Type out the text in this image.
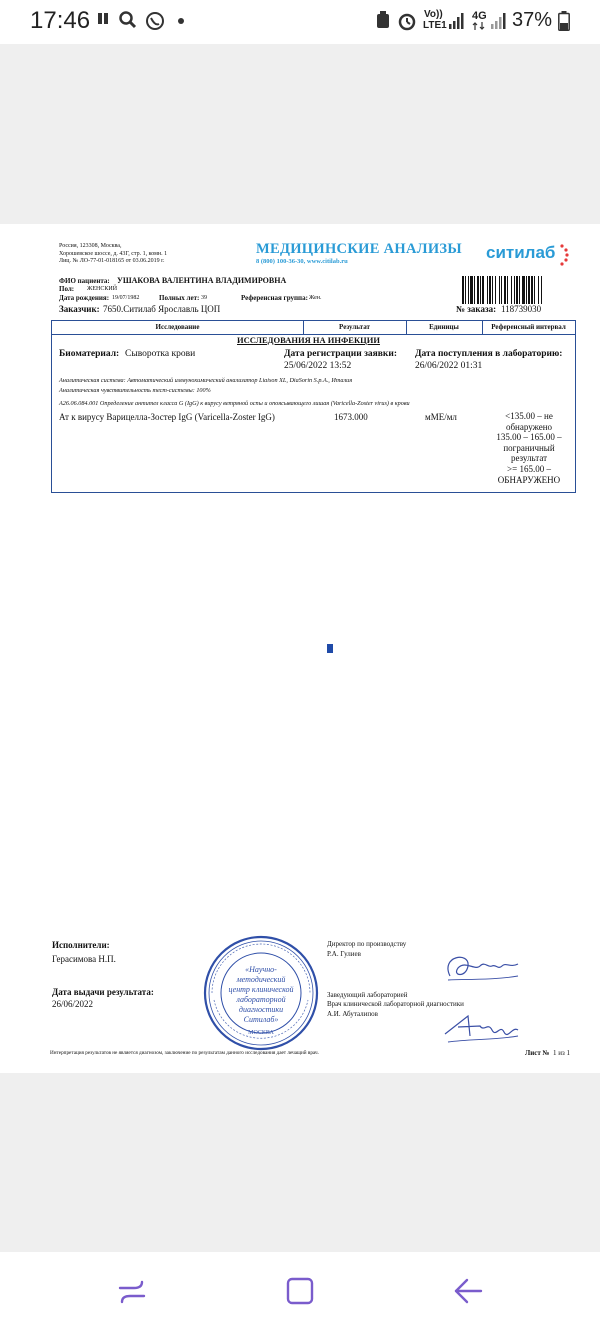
17:46	Vo))
LTE1
4G 37%
Россия, 123308, Москва,
Хорошевское шоссе, д. 43Г, стр. 1, комн. 1
Лиц. № ЛО-77-01-018165 от 03.06.2019 г.
МЕДИЦИНСКИЕ АНАЛИЗЫ
8 (800) 100-36-30, www.citilab.ru	ситилаб
ФИО пациента: УШАКОВА ВАЛЕНТИНА ВЛАДИМИРОВНА
Пол: ЖЕНСКИЙ
Дата рождения: 19/07/1982	Полных лет: 39	Референсная группа: Жен.
Заказчик: 7650.Ситилаб Ярославль ЦОП	№ заказа: 118739030
Исследование	Результат	Единицы	Референсный интервал
ИССЛЕДОВАНИЯ НА ИНФЕКЦИИ
Биоматериал: Сыворотка крови	Дата регистрации заявки:
25/06/2022 13:52
Дата поступления в лабораторию:
26/06/2022 01:31
Аналитическая система: Автоматический иммунохимический анализатор Liaison XL, DiaSorin S.p.A., Италия
Аналитическая чувствительность тест-системы: 100%
A26.06.084.001 Определение антител класса G (IgG) к вирусу ветряной оспы и опоясывающего лишая (Varicella-Zoster virus) в крови
Ат к вирусу Варицелла-Зостер IgG (Varicella-Zoster IgG)	1673.000	мМЕ/мл	<135.00 – не
обнаружено
135.00 – 165.00 –
пограничный
результат
>= 165.00 –
ОБНАРУЖЕНО
Исполнители:
Герасимова Н.П.
Дата выдачи результата:
26/06/2022
МОСКВА
«Научно-
методический
центр клинической
лабораторной
диагностики
Ситилаб»
Директор по производству
Р.А. Гулиев
Заведующий лабораторией
Врач клинической лабораторной диагностики
А.И. Абуталипов
Интерпретация результатов не является диагнозом, заключение по результатам данного исследования дает лечащий врач.	Лист № 1 из 1
